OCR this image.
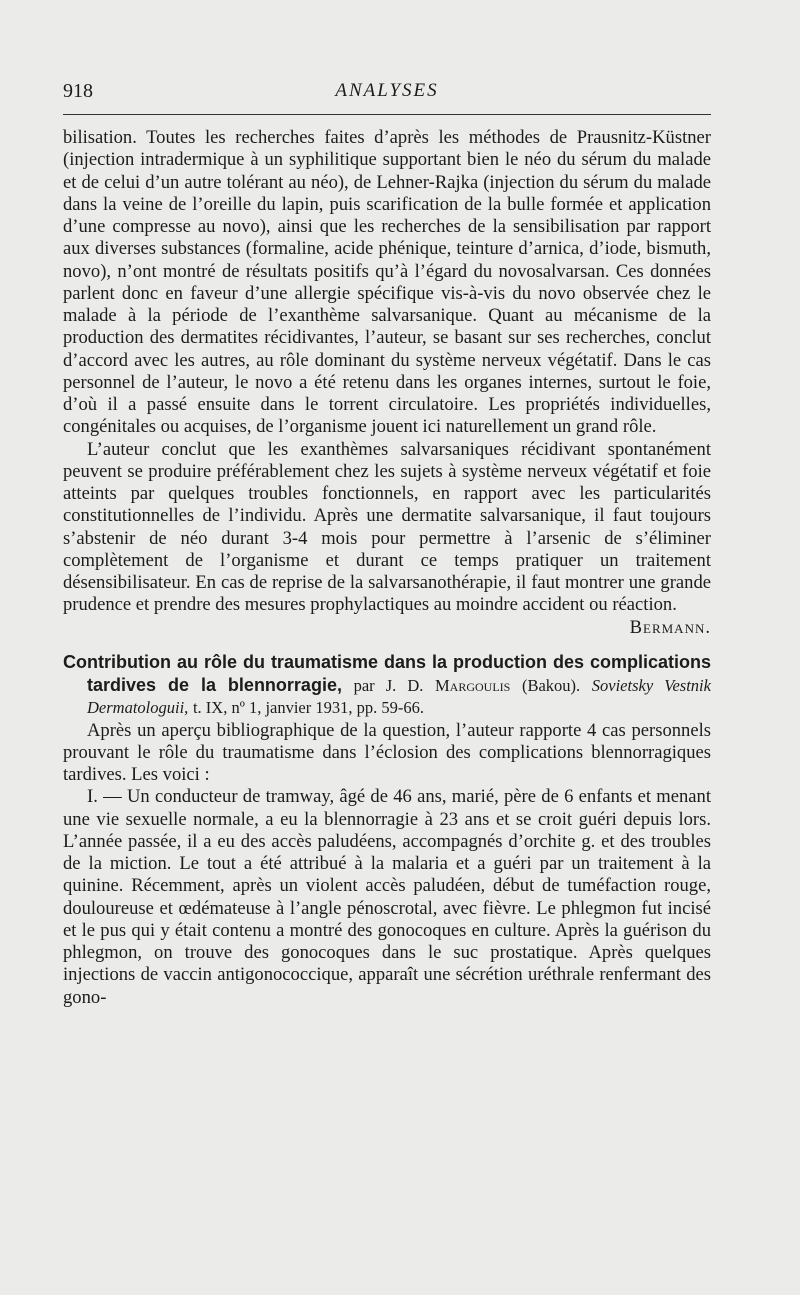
918	ANALYSES

bilisation. Toutes les recherches faites d’après les méthodes de Prausnitz-Küstner (injection intradermique à un syphilitique supportant bien le néo du sérum du malade et de celui d’un autre tolérant au néo), de Lehner-Rajka (injection du sérum du malade dans la veine de l’oreille du lapin, puis scarification de la bulle formée et application d’une compresse au novo), ainsi que les recherches de la sensibilisation par rapport aux diverses substances (formaline, acide phénique, teinture d’arnica, d’iode, bismuth, novo), n’ont montré de résultats positifs qu’à l’égard du novosalvarsan. Ces données parlent donc en faveur d’une allergie spécifique vis-à-vis du novo observée chez le malade à la période de l’exanthème salvarsanique. Quant au mécanisme de la production des dermatites récidivantes, l’auteur, se basant sur ses recherches, conclut d’accord avec les autres, au rôle dominant du système nerveux végétatif. Dans le cas personnel de l’auteur, le novo a été retenu dans les organes internes, surtout le foie, d’où il a passé ensuite dans le torrent circulatoire. Les propriétés individuelles, congénitales ou acquises, de l’organisme jouent ici naturellement un grand rôle.

L’auteur conclut que les exanthèmes salvarsaniques récidivant spontanément peuvent se produire préférablement chez les sujets à système nerveux végétatif et foie atteints par quelques troubles fonctionnels, en rapport avec les particularités constitutionnelles de l’individu. Après une dermatite salvarsanique, il faut toujours s’abstenir de néo durant 3-4 mois pour permettre à l’arsenic de s’éliminer complètement de l’organisme et durant ce temps pratiquer un traitement désensibilisateur. En cas de reprise de la salvarsanothérapie, il faut montrer une grande prudence et prendre des mesures prophylactiques au moindre accident ou réaction.
Bermann.

Contribution au rôle du traumatisme dans la production des complications tardives de la blennorragie, par J. D. Margoulis (Bakou). Sovietsky Vestnik Dermatologuii, t. IX, nº 1, janvier 1931, pp. 59-66.

Après un aperçu bibliographique de la question, l’auteur rapporte 4 cas personnels prouvant le rôle du traumatisme dans l’éclosion des complications blennorragiques tardives. Les voici :

I. — Un conducteur de tramway, âgé de 46 ans, marié, père de 6 enfants et menant une vie sexuelle normale, a eu la blennorragie à 23 ans et se croit guéri depuis lors. L’année passée, il a eu des accès paludéens, accompagnés d’orchite g. et des troubles de la miction. Le tout a été attribué à la malaria et a guéri par un traitement à la quinine. Récemment, après un violent accès paludéen, début de tuméfaction rouge, douloureuse et œdémateuse à l’angle pénoscrotal, avec fièvre. Le phlegmon fut incisé et le pus qui y était contenu a montré des gonocoques en culture. Après la guérison du phlegmon, on trouve des gonocoques dans le suc prostatique. Après quelques injections de vaccin antigonococcique, apparaît une sécrétion uréthrale renfermant des gono-
